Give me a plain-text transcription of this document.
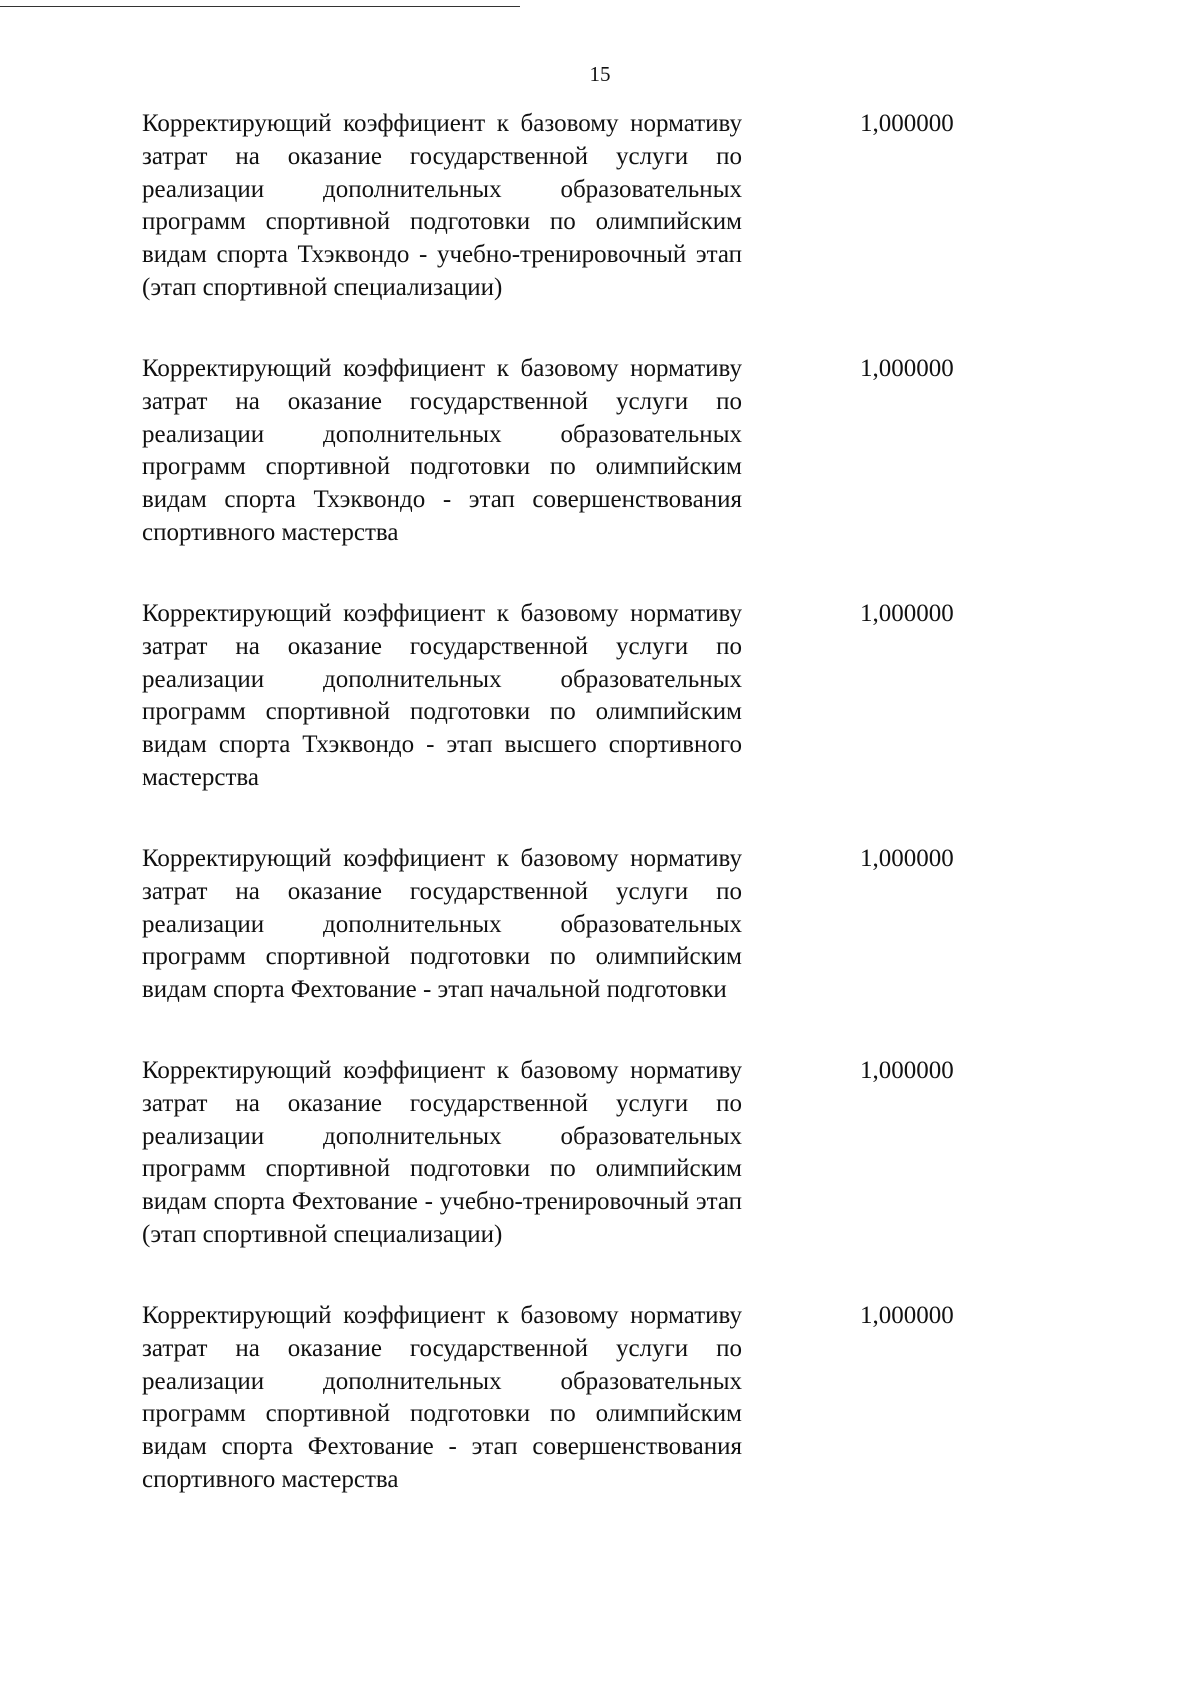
15

Корректирующий коэффициент к базовому нормативу затрат на оказание государственной услуги по реализации дополнительных образовательных программ спортивной подготовки по олимпийским видам спорта Тхэквондо - учебно-тренировочный этап (этап спортивной специализации)

1,000000

Корректирующий коэффициент к базовому нормативу затрат на оказание государственной услуги по реализации дополнительных образовательных программ спортивной подготовки по олимпийским видам спорта Тхэквондо - этап совершенствования спортивного мастерства

1,000000

Корректирующий коэффициент к базовому нормативу затрат на оказание государственной услуги по реализации дополнительных образовательных программ спортивной подготовки по олимпийским видам спорта Тхэквондо - этап высшего спортивного мастерства

1,000000

Корректирующий коэффициент к базовому нормативу затрат на оказание государственной услуги по реализации дополнительных образовательных программ спортивной подготовки по олимпийским видам спорта Фехтование - этап начальной подготовки

1,000000

Корректирующий коэффициент к базовому нормативу затрат на оказание государственной услуги по реализации дополнительных образовательных программ спортивной подготовки по олимпийским видам спорта Фехтование - учебно-тренировочный этап (этап спортивной специализации)

1,000000

Корректирующий коэффициент к базовому нормативу затрат на оказание государственной услуги по реализации дополнительных образовательных программ спортивной подготовки по олимпийским видам спорта Фехтование - этап совершенствования спортивного мастерства

1,000000
